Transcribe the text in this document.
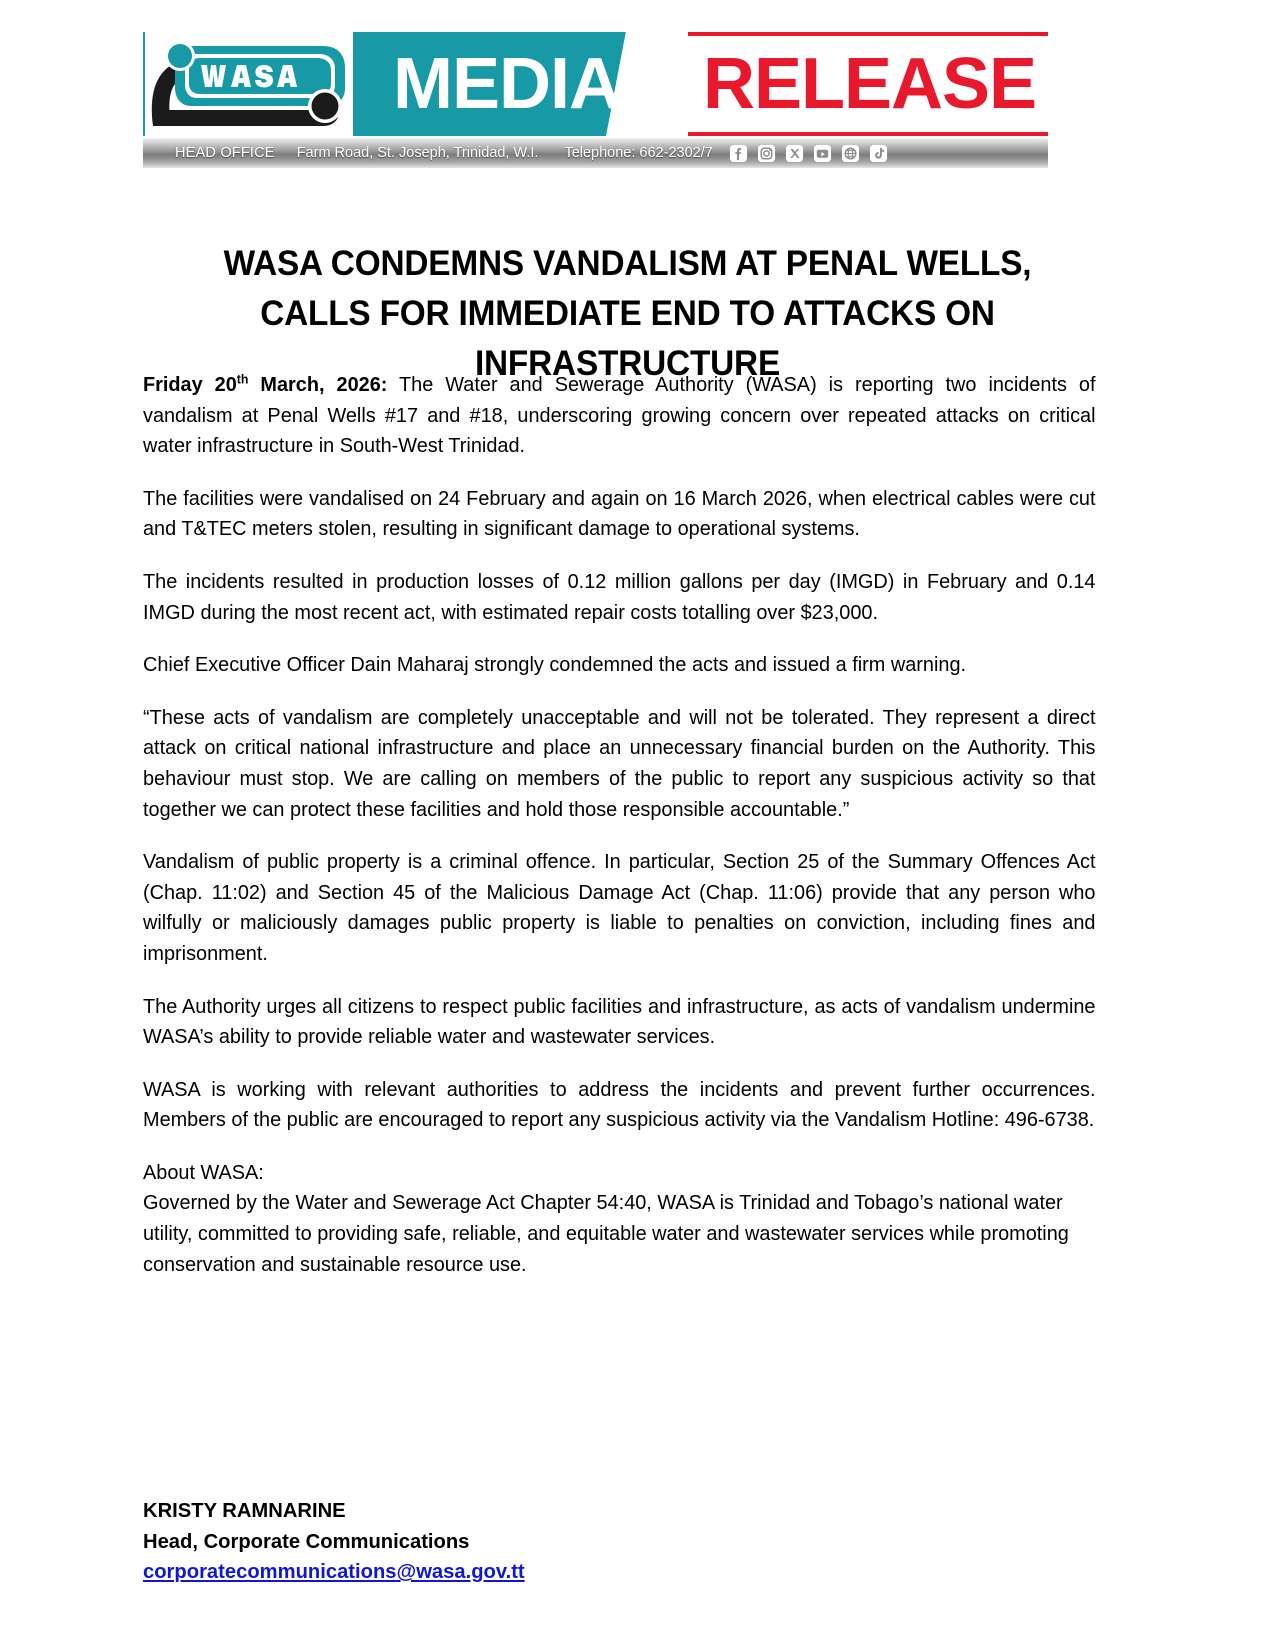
MEDIA	RELEASE
HEAD OFFICE Farm Road, St. Joseph, Trinidad, W.I. Telephone: 662-2302/7
WASA CONDEMNS VANDALISM AT PENAL WELLS, CALLS FOR IMMEDIATE END TO ATTACKS ON INFRASTRUCTURE

Friday 20th March, 2026: The Water and Sewerage Authority (WASA) is reporting two incidents of vandalism at Penal Wells #17 and #18, underscoring growing concern over repeated attacks on critical water infrastructure in South-West Trinidad.

The facilities were vandalised on 24 February and again on 16 March 2026, when electrical cables were cut and T&TEC meters stolen, resulting in significant damage to operational systems.

The incidents resulted in production losses of 0.12 million gallons per day (IMGD) in February and 0.14 IMGD during the most recent act, with estimated repair costs totalling over $23,000.

Chief Executive Officer Dain Maharaj strongly condemned the acts and issued a firm warning.

“These acts of vandalism are completely unacceptable and will not be tolerated. They represent a direct attack on critical national infrastructure and place an unnecessary financial burden on the Authority. This behaviour must stop. We are calling on members of the public to report any suspicious activity so that together we can protect these facilities and hold those responsible accountable.”

Vandalism of public property is a criminal offence. In particular, Section 25 of the Summary Offences Act (Chap. 11:02) and Section 45 of the Malicious Damage Act (Chap. 11:06) provide that any person who wilfully or maliciously damages public property is liable to penalties on conviction, including fines and imprisonment.

The Authority urges all citizens to respect public facilities and infrastructure, as acts of vandalism undermine WASA’s ability to provide reliable water and wastewater services.

WASA is working with relevant authorities to address the incidents and prevent further occurrences. Members of the public are encouraged to report any suspicious activity via the Vandalism Hotline: 496-6738.

About WASA:

Governed by the Water and Sewerage Act Chapter 54:40, WASA is Trinidad and Tobago’s national water utility, committed to providing safe, reliable, and equitable water and wastewater services while promoting conservation and sustainable resource use.

KRISTY RAMNARINE
Head, Corporate Communications
corporatecommunications@wasa.gov.tt
